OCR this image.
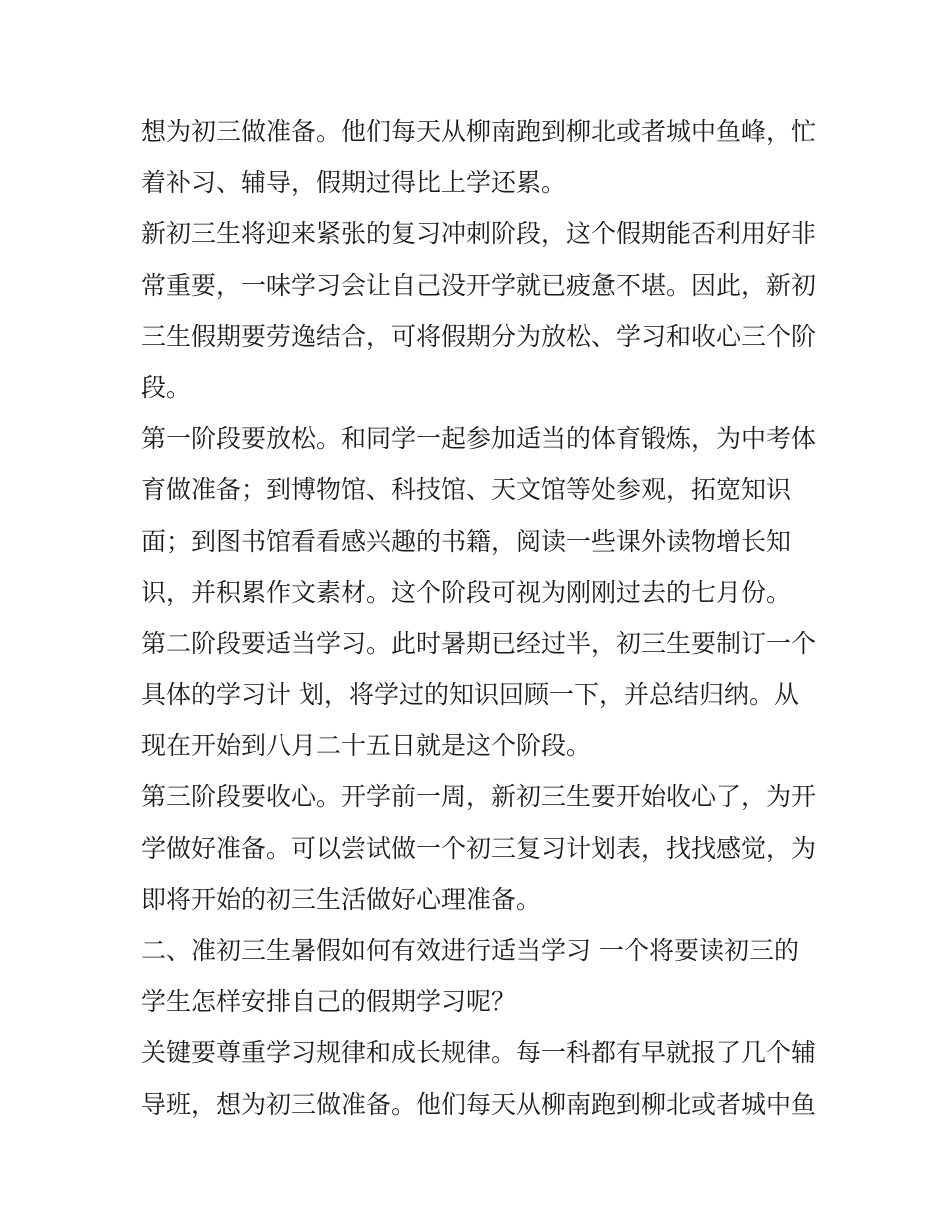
想为初三做准备。他们每天从柳南跑到柳北或者城中鱼峰，忙
着补习、辅导，假期过得比上学还累。
新初三生将迎来紧张的复习冲刺阶段，这个假期能否利用好非
常重要，一味学习会让自己没开学就已疲惫不堪。因此，新初
三生假期要劳逸结合，可将假期分为放松、学习和收心三个阶
段。
第一阶段要放松。和同学一起参加适当的体育锻炼，为中考体
育做准备；到博物馆、科技馆、天文馆等处参观，拓宽知识
面；到图书馆看看感兴趣的书籍，阅读一些课外读物增长知
识，并积累作文素材。这个阶段可视为刚刚过去的七月份。
第二阶段要适当学习。此时暑期已经过半，初三生要制订一个
具体的学习计 划，将学过的知识回顾一下，并总结归纳。从
现在开始到八月二十五日就是这个阶段。
第三阶段要收心。开学前一周，新初三生要开始收心了，为开
学做好准备。可以尝试做一个初三复习计划表，找找感觉，为
即将开始的初三生活做好心理准备。
二、准初三生暑假如何有效进行适当学习 一个将要读初三的
学生怎样安排自己的假期学习呢？
关键要尊重学习规律和成长规律。每一科都有早就报了几个辅
导班，想为初三做准备。他们每天从柳南跑到柳北或者城中鱼
